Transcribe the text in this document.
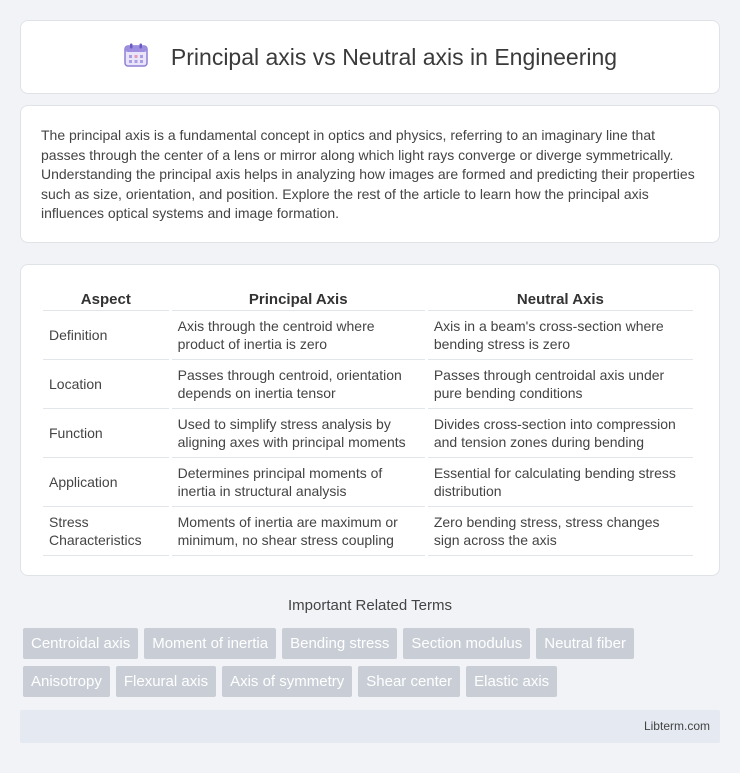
Principal axis vs Neutral axis in Engineering

The principal axis is a fundamental concept in optics and physics, referring to an imaginary line that passes through the center of a lens or mirror along which light rays converge or diverge symmetrically. Understanding the principal axis helps in analyzing how images are formed and predicting their properties such as size, orientation, and position. Explore the rest of the article to learn how the principal axis influences optical systems and image formation.

Aspect	Principal Axis	Neutral Axis
Definition	Axis through the centroid where product of inertia is zero	Axis in a beam's cross-section where bending stress is zero
Location	Passes through centroid, orientation depends on inertia tensor	Passes through centroidal axis under pure bending conditions
Function	Used to simplify stress analysis by aligning axes with principal moments	Divides cross-section into compression and tension zones during bending
Application	Determines principal moments of inertia in structural analysis	Essential for calculating bending stress distribution
Stress Characteristics	Moments of inertia are maximum or minimum, no shear stress coupling	Zero bending stress, stress changes sign across the axis
Important Related Terms
Centroidal axis	Moment of inertia	Bending stress	Section modulus	Neutral fiber
Anisotropy	Flexural axis	Axis of symmetry	Shear center	Elastic axis
Libterm.com
